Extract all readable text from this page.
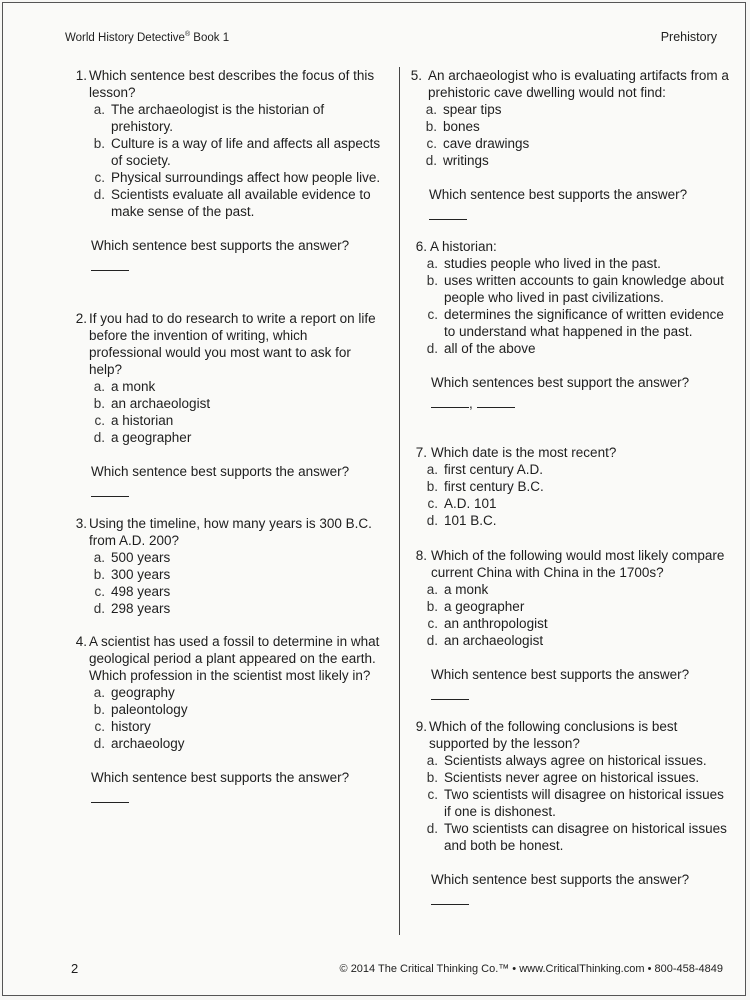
World History Detective® Book 1	Prehistory
1. Which sentence best describes the focus of this lesson?
a. The archaeologist is the historian of prehistory.
b. Culture is a way of life and affects all aspects of society.
c. Physical surroundings affect how people live.
d. Scientists evaluate all available evidence to make sense of the past.
Which sentence best supports the answer?
2. If you had to do research to write a report on life before the invention of writing, which professional would you most want to ask for help?
a. a monk
b. an archaeologist
c. a historian
d. a geographer
Which sentence best supports the answer?
3. Using the timeline, how many years is 300 B.C. from A.D. 200?
a. 500 years
b. 300 years
c. 498 years
d. 298 years
4. A scientist has used a fossil to determine in what geological period a plant appeared on the earth. Which profession in the scientist most likely in?
a. geography
b. paleontology
c. history
d. archaeology
Which sentence best supports the answer?
5. An archaeologist who is evaluating artifacts from a prehistoric cave dwelling would not find:
a. spear tips
b. bones
c. cave drawings
d. writings
Which sentence best supports the answer?
6. A historian:
a. studies people who lived in the past.
b. uses written accounts to gain knowledge about people who lived in past civilizations.
c. determines the significance of written evidence to understand what happened in the past.
d. all of the above
Which sentences best support the answer?
,
7. Which date is the most recent?
a. first century A.D.
b. first century B.C.
c. A.D. 101
d. 101 B.C.
8. Which of the following would most likely compare current China with China in the 1700s?
a. a monk
b. a geographer
c. an anthropologist
d. an archaeologist
Which sentence best supports the answer?
9. Which of the following conclusions is best supported by the lesson?
a. Scientists always agree on historical issues.
b. Scientists never agree on historical issues.
c. Two scientists will disagree on historical issues if one is dishonest.
d. Two scientists can disagree on historical issues and both be honest.
Which sentence best supports the answer?
2	© 2014 The Critical Thinking Co.™ • www.CriticalThinking.com • 800-458-4849
